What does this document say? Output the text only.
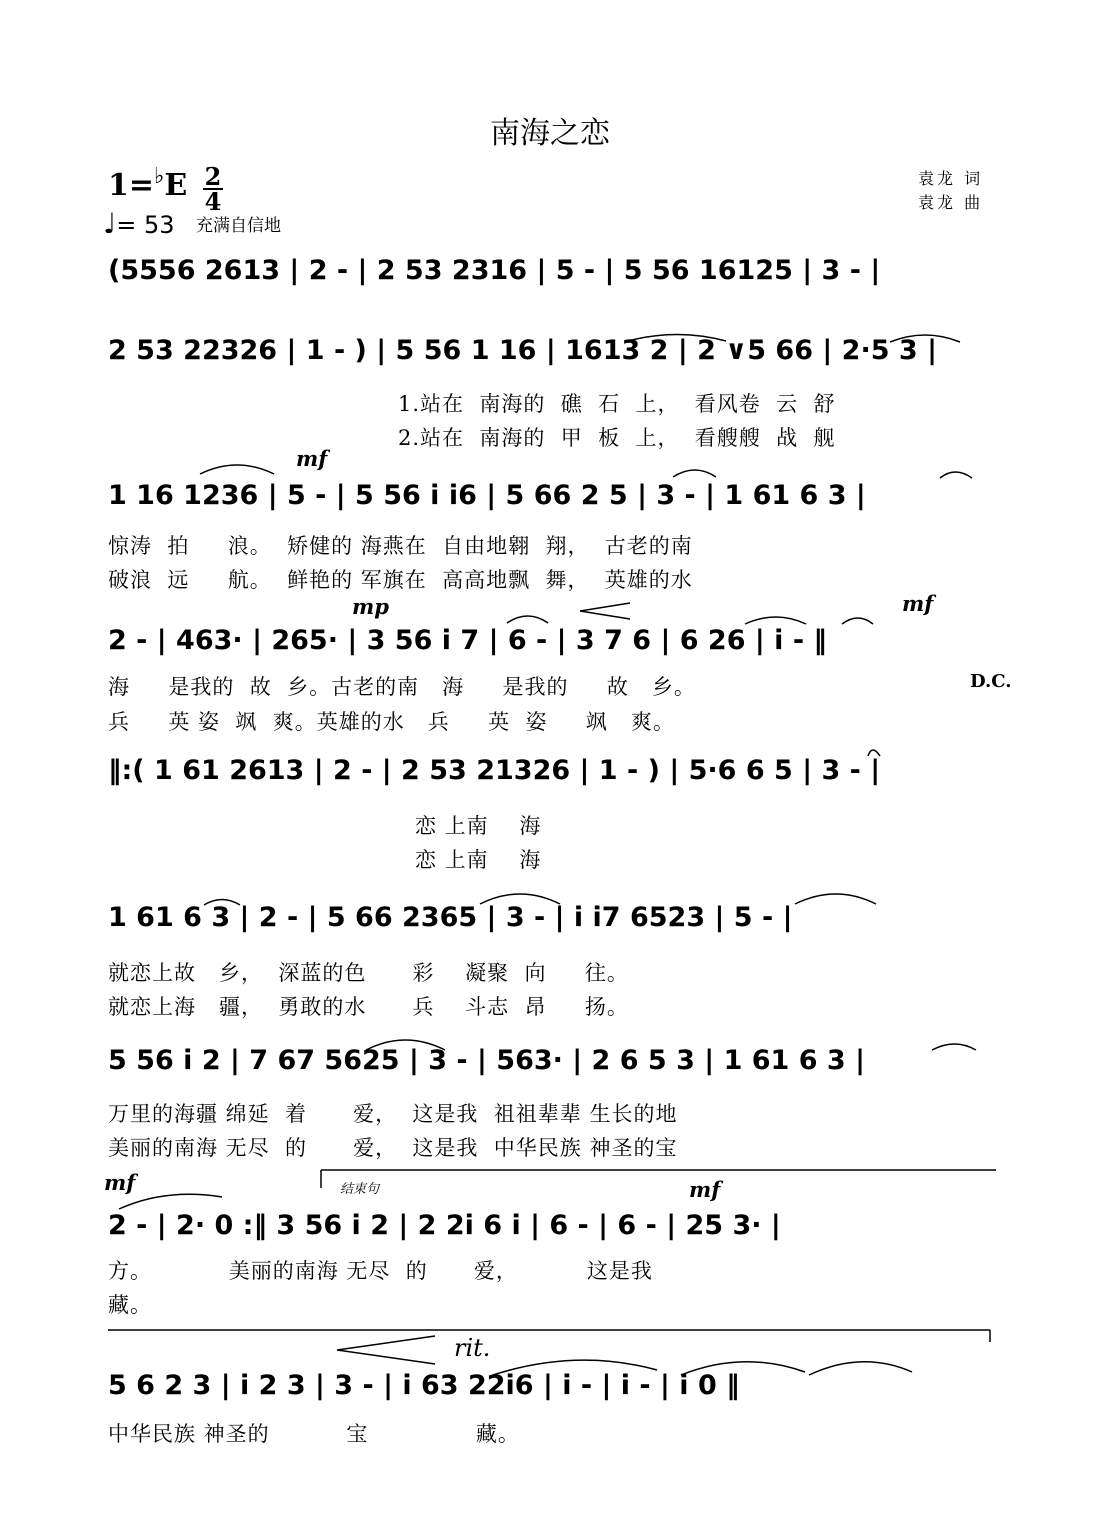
南海之恋
1=♭E 2
4
♩= 53 充满自信地
袁龙 词
袁龙 曲
(5556 2613 | 2 - | 2 53 2316 | 5 - | 5 56 16125 | 3 - |
2 53 22326 | 1 - ) | 5 56 1 16 | 1613 2 | 2 ∨5 66 | 2·5 3 |
1.站在  南海的  礁  石  上，  看风卷  云  舒
2.站在  南海的  甲  板  上，  看艘艘  战  舰
1 16 1236 | 5 - | 5 56 i i6 | 5 66 2 5 | 3 - | 1 61 6 3 |
惊涛  拍     浪。  矫健的 海燕在  自由地翱  翔，  古老的南
破浪  远     航。  鲜艳的 军旗在  高高地飘  舞，  英雄的水
2 - | 463· | 265· | 3 56 i 7 | 6 - | 3 7 6 | 6 26 | i - ‖
海     是我的  故  乡。古老的南   海     是我的     故   乡。
兵     英 姿  飒  爽。英雄的水   兵     英  姿     飒   爽。
‖:( 1 61 2613 | 2 - | 2 53 21326 | 1 - ) | 5·6 6 5 | 3 - |
恋 上南    海
恋 上南    海
1 61 6 3 | 2 - | 5 66 2365 | 3 - | i i7 6523 | 5 - |
就恋上故   乡，  深蓝的色      彩    凝聚  向     往。
就恋上海   疆，  勇敢的水      兵    斗志  昂     扬。
5 56 i 2 | 7 67 5625 | 3 - | 563· | 2 6 5 3 | 1 61 6 3 |
万里的海疆 绵延  着      爱，  这是我  祖祖辈辈 生长的地
美丽的南海 无尽  的      爱，  这是我  中华民族 神圣的宝
2 - | 2· 0 :‖ 3 56 i 2 | 2 2i 6 i | 6 - | 6 - | 25 3· |
方。          美丽的南海 无尽  的      爱，         这是我
藏。
5 6 2 3 | i 2 3 | 3 - | i 63 22i6 | i - | i - | i 0 ‖
中华民族 神圣的          宝              藏。
mf
mp	mf
D.C.
mf	mf
结束句
rit.
